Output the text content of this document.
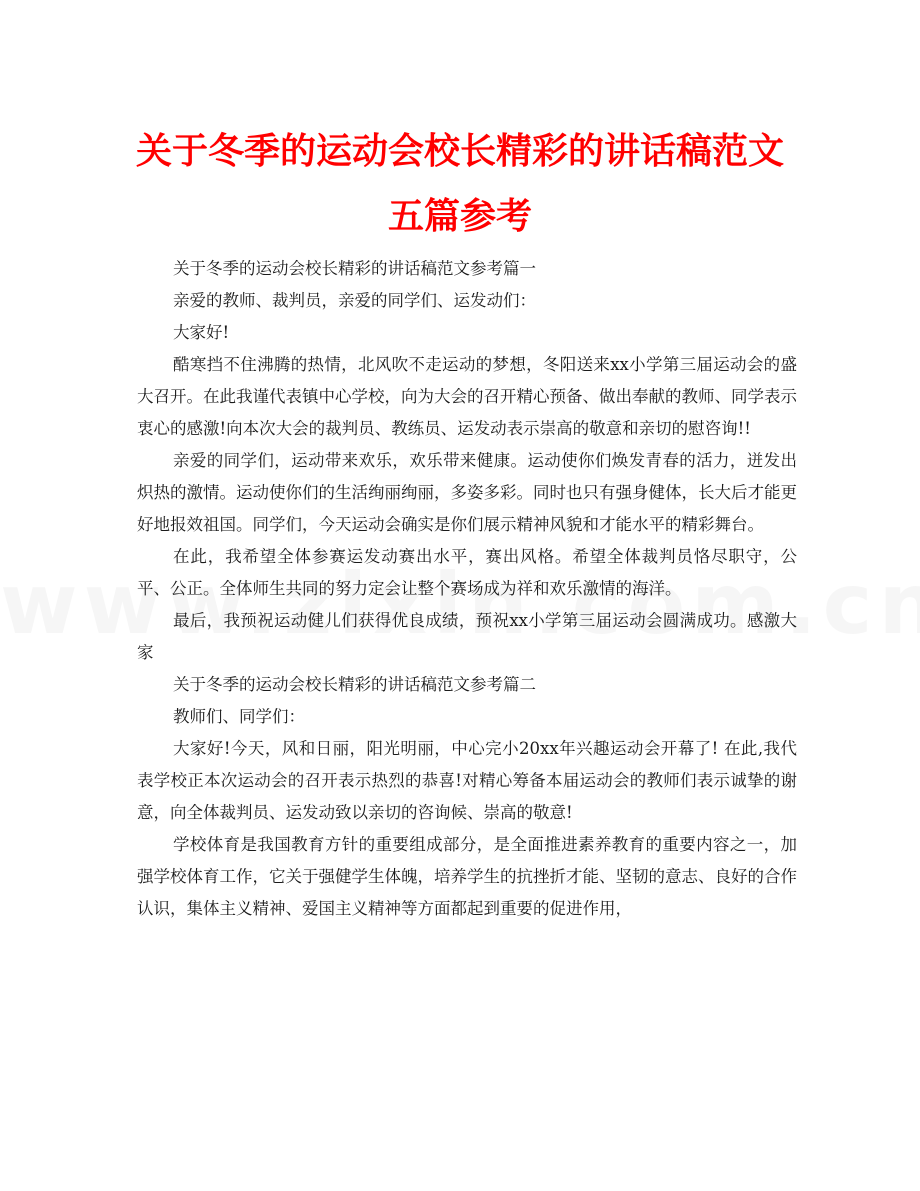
关于冬季的运动会校长精彩的讲话稿范文
五篇参考

关于冬季的运动会校长精彩的讲话稿范文参考篇一

亲爱的教师、裁判员，亲爱的同学们、运发动们：

大家好!

酷寒挡不住沸腾的热情，北风吹不走运动的梦想，冬阳送来xx小学第三届运动会的盛大召开。在此我谨代表镇中心学校，向为大会的召开精心预备、做出奉献的教师、同学表示衷心的感激!向本次大会的裁判员、教练员、运发动表示崇高的敬意和亲切的慰咨询!!

亲爱的同学们，运动带来欢乐，欢乐带来健康。运动使你们焕发青春的活力，迸发出炽热的激情。运动使你们的生活绚丽绚丽，多姿多彩。同时也只有强身健体，长大后才能更好地报效祖国。同学们，今天运动会确实是你们展示精神风貌和才能水平的精彩舞台。

在此，我希望全体参赛运发动赛出水平，赛出风格。希望全体裁判员恪尽职守，公平、公正。全体师生共同的努力定会让整个赛场成为祥和欢乐激情的海洋。

最后，我预祝运动健儿们获得优良成绩，预祝xx小学第三届运动会圆满成功。感激大家

关于冬季的运动会校长精彩的讲话稿范文参考篇二

教师们、同学们：

大家好!今天，风和日丽，阳光明丽，中心完小20xx年兴趣运动会开幕了! 在此,我代表学校正本次运动会的召开表示热烈的恭喜!对精心筹备本届运动会的教师们表示诚挚的谢意，向全体裁判员、运发动致以亲切的咨询候、崇高的敬意!

学校体育是我国教育方针的重要组成部分，是全面推进素养教育的重要内容之一，加强学校体育工作，它关于强健学生体魄，培养学生的抗挫折才能、坚韧的意志、良好的合作认识，集体主义精神、爱国主义精神等方面都起到重要的促进作用，
